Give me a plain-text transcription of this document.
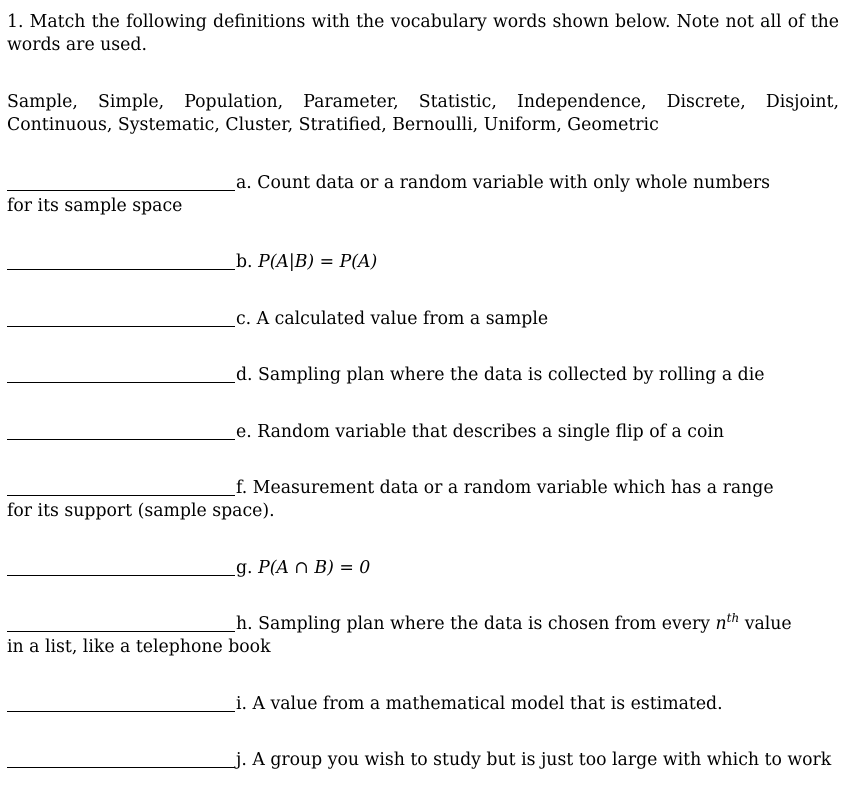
1. Match the following definitions with the vocabulary words shown below. Note not all of the words are used.

Sample, Simple, Population, Parameter, Statistic, Independence, Discrete, Disjoint, Continuous, Systematic, Cluster, Stratified, Bernoulli, Uniform, Geometric

a. Count data or a random variable with only whole numbers
for its sample space
b. P(A|B) = P(A)
c. A calculated value from a sample
d. Sampling plan where the data is collected by rolling a die
e. Random variable that describes a single flip of a coin
f. Measurement data or a random variable which has a range
for its support (sample space).
g. P(A ∩ B) = 0
h. Sampling plan where the data is chosen from every $n^{th}$ value
in a list, like a telephone book
i. A value from a mathematical model that is estimated.
j. A group you wish to study but is just too large with which to work
